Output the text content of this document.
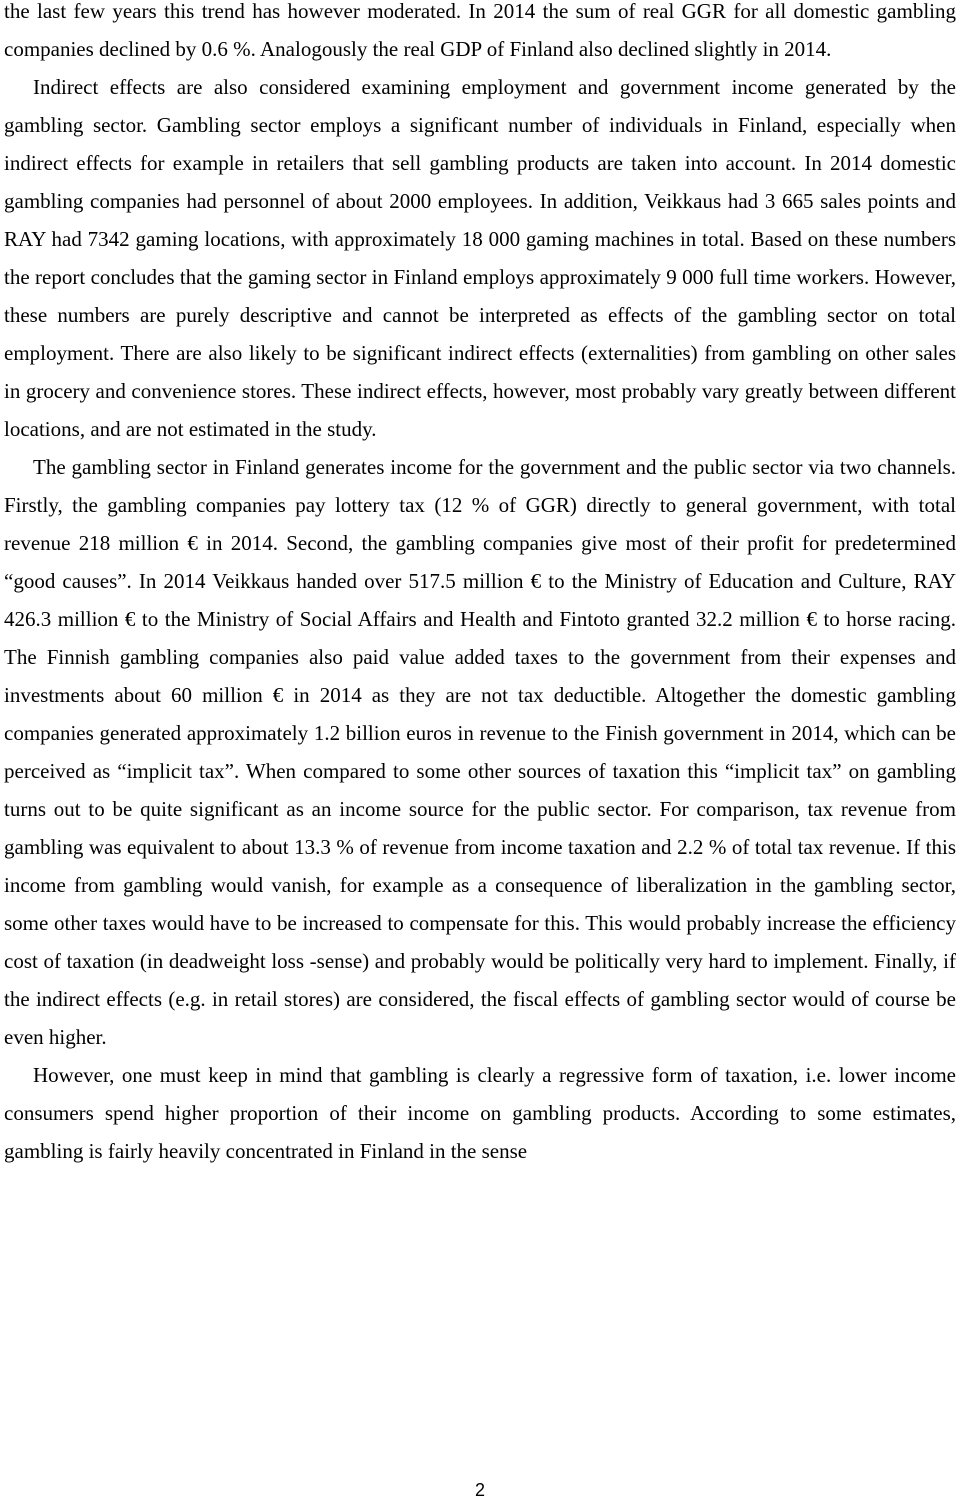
the last few years this trend has however moderated. In 2014 the sum of real GGR for all domestic gambling companies declined by 0.6 %. Analogously the real GDP of Finland also declined slightly in 2014.

Indirect effects are also considered examining employment and government income generated by the gambling sector. Gambling sector employs a significant number of individuals in Finland, especially when indirect effects for example in retailers that sell gambling products are taken into account. In 2014 domestic gambling companies had personnel of about 2000 employees. In addition, Veikkaus had 3 665 sales points and RAY had 7342 gaming locations, with approximately 18 000 gaming machines in total. Based on these numbers the report concludes that the gaming sector in Finland employs approximately 9 000 full time workers. However, these numbers are purely descriptive and cannot be interpreted as effects of the gambling sector on total employment. There are also likely to be significant indirect effects (externalities) from gambling on other sales in grocery and convenience stores. These indirect effects, however, most probably vary greatly between different locations, and are not estimated in the study.

The gambling sector in Finland generates income for the government and the public sector via two channels. Firstly, the gambling companies pay lottery tax (12 % of GGR) directly to general government, with total revenue 218 million € in 2014. Second, the gambling companies give most of their profit for predetermined “good causes”. In 2014 Veikkaus handed over 517.5 million € to the Ministry of Education and Culture, RAY 426.3 million € to the Ministry of Social Affairs and Health and Fintoto granted 32.2 million € to horse racing. The Finnish gambling companies also paid value added taxes to the government from their expenses and investments about 60 million € in 2014 as they are not tax deductible. Altogether the domestic gambling companies generated approximately 1.2 billion euros in revenue to the Finish government in 2014, which can be perceived as “implicit tax”. When compared to some other sources of taxation this “implicit tax” on gambling turns out to be quite significant as an income source for the public sector. For comparison, tax revenue from gambling was equivalent to about 13.3 % of revenue from income taxation and 2.2 % of total tax revenue. If this income from gambling would vanish, for example as a consequence of liberalization in the gambling sector, some other taxes would have to be increased to compensate for this. This would probably increase the efficiency cost of taxation (in deadweight loss -sense) and probably would be politically very hard to implement. Finally, if the indirect effects (e.g. in retail stores) are considered, the fiscal effects of gambling sector would of course be even higher.

However, one must keep in mind that gambling is clearly a regressive form of taxation, i.e. lower income consumers spend higher proportion of their income on gambling products. According to some estimates, gambling is fairly heavily concentrated in Finland in the sense

2
